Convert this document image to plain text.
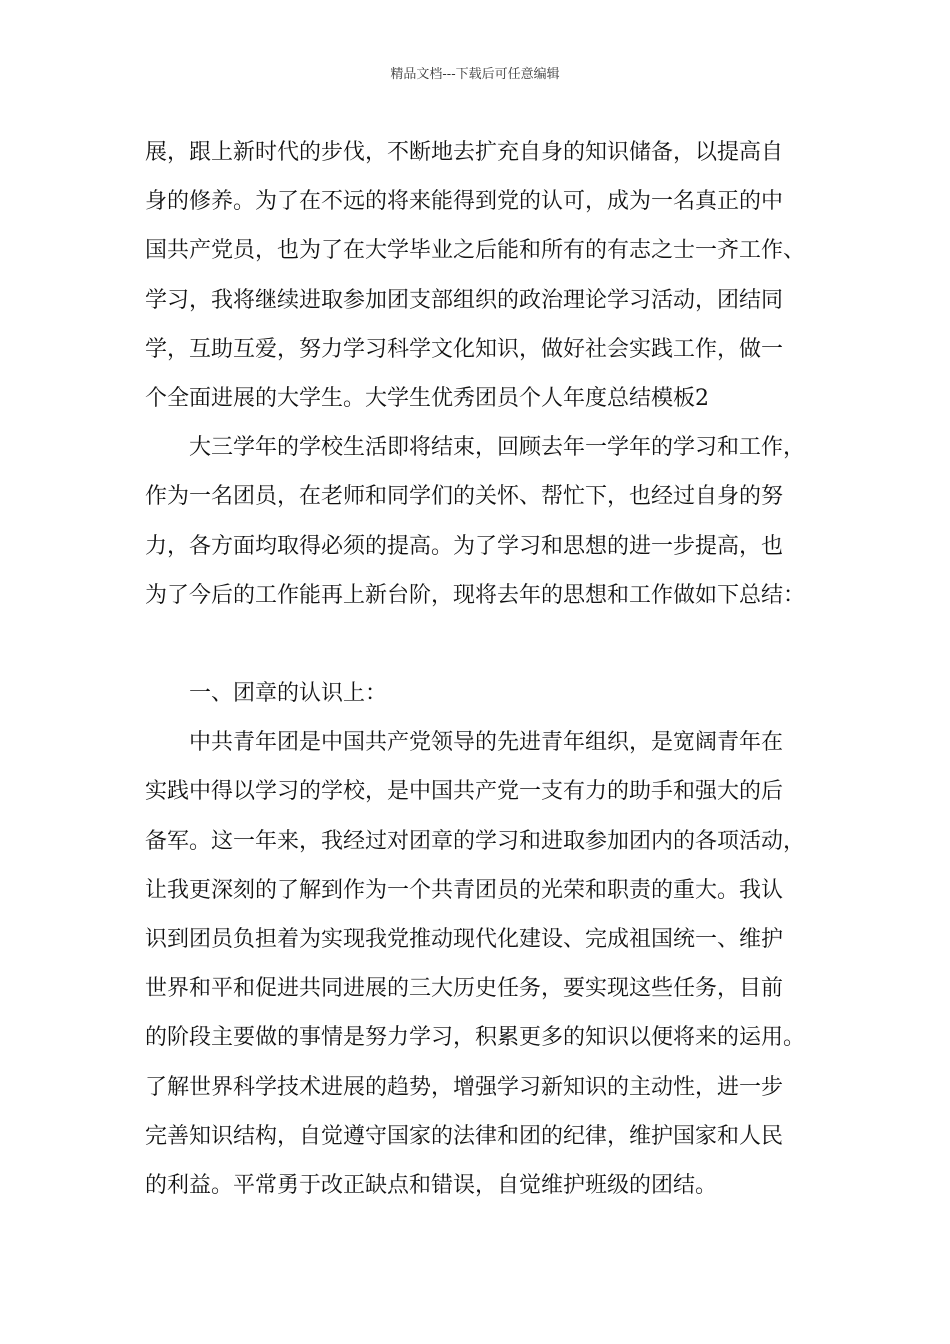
精品文档---下载后可任意编辑
展，跟上新时代的步伐，不断地去扩充自身的知识储备，以提高自
身的修养。为了在不远的将来能得到党的认可，成为一名真正的中
国共产党员，也为了在大学毕业之后能和所有的有志之士一齐工作、
学习，我将继续进取参加团支部组织的政治理论学习活动，团结同
学，互助互爱，努力学习科学文化知识，做好社会实践工作，做一
个全面进展的大学生。大学生优秀团员个人年度总结模板2
大三学年的学校生活即将结束，回顾去年一学年的学习和工作，
作为一名团员，在老师和同学们的关怀、帮忙下，也经过自身的努
力，各方面均取得必须的提高。为了学习和思想的进一步提高，也
为了今后的工作能再上新台阶，现将去年的思想和工作做如下总结：
一、团章的认识上：
中共青年团是中国共产党领导的先进青年组织，是宽阔青年在
实践中得以学习的学校，是中国共产党一支有力的助手和强大的后
备军。这一年来，我经过对团章的学习和进取参加团内的各项活动，
让我更深刻的了解到作为一个共青团员的光荣和职责的重大。我认
识到团员负担着为实现我党推动现代化建设、完成祖国统一、维护
世界和平和促进共同进展的三大历史任务，要实现这些任务，目前
的阶段主要做的事情是努力学习，积累更多的知识以便将来的运用。
了解世界科学技术进展的趋势，增强学习新知识的主动性，进一步
完善知识结构，自觉遵守国家的法律和团的纪律，维护国家和人民
的利益。平常勇于改正缺点和错误，自觉维护班级的团结。
